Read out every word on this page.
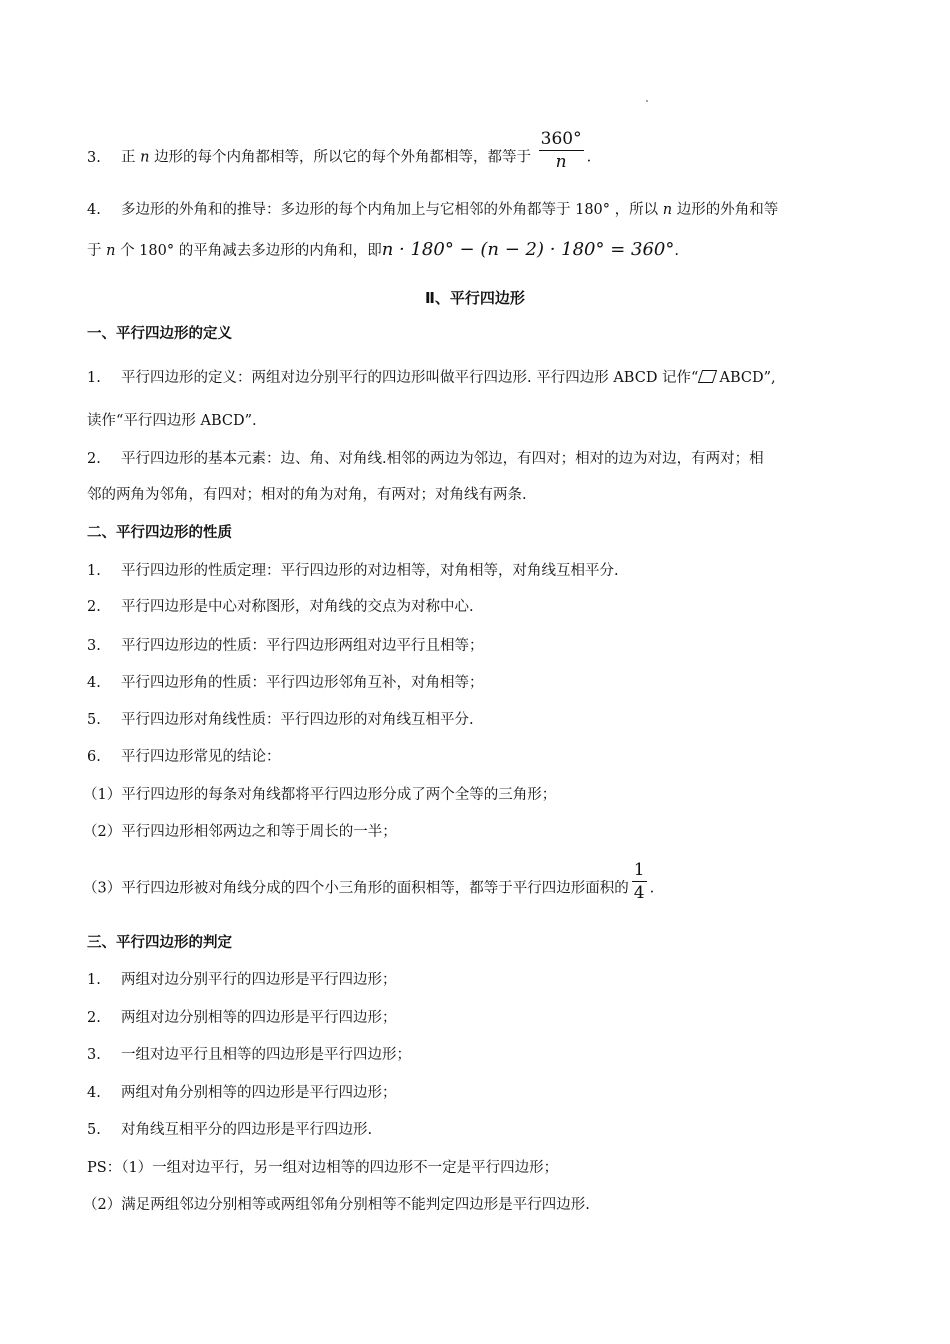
3. 正 n 边形的每个内角都相等，所以它的每个外角都相等，都等于 $\frac{360^\circ}{n}$ .
4. 多边形的外角和的推导：多边形的每个内角加上与它相邻的外角都等于 180° ，所以 n 边形的外角和等
于 n 个 180° 的平角减去多边形的内角和，即n · 180° − (n − 2) · 180° = 360°.
Ⅱ、平行四边形
一、平行四边形的定义
1. 平行四边形的定义：两组对边分别平行的四边形叫做平行四边形. 平行四边形 ABCD 记作“ ABCD”,
读作“平行四边形 ABCD”.
2. 平行四边形的基本元素：边、角、对角线.相邻的两边为邻边，有四对；相对的边为对边，有两对；相
邻的两角为邻角，有四对；相对的角为对角，有两对；对角线有两条.
二、平行四边形的性质
1. 平行四边形的性质定理：平行四边形的对边相等，对角相等，对角线互相平分.
2. 平行四边形是中心对称图形，对角线的交点为对称中心.
3. 平行四边形边的性质：平行四边形两组对边平行且相等；
4. 平行四边形角的性质：平行四边形邻角互补，对角相等；
5. 平行四边形对角线性质：平行四边形的对角线互相平分.
6. 平行四边形常见的结论：
（1）平行四边形的每条对角线都将平行四边形分成了两个全等的三角形；
（2）平行四边形相邻两边之和等于周长的一半；
（3）平行四边形被对角线分成的四个小三角形的面积相等，都等于平行四边形面积的 $\frac{1}{4}$ .
三、平行四边形的判定
1. 两组对边分别平行的四边形是平行四边形；
2. 两组对边分别相等的四边形是平行四边形；
3. 一组对边平行且相等的四边形是平行四边形；
4. 两组对角分别相等的四边形是平行四边形；
5. 对角线互相平分的四边形是平行四边形.
PS：（1）一组对边平行，另一组对边相等的四边形不一定是平行四边形；
（2）满足两组邻边分别相等或两组邻角分别相等不能判定四边形是平行四边形.
